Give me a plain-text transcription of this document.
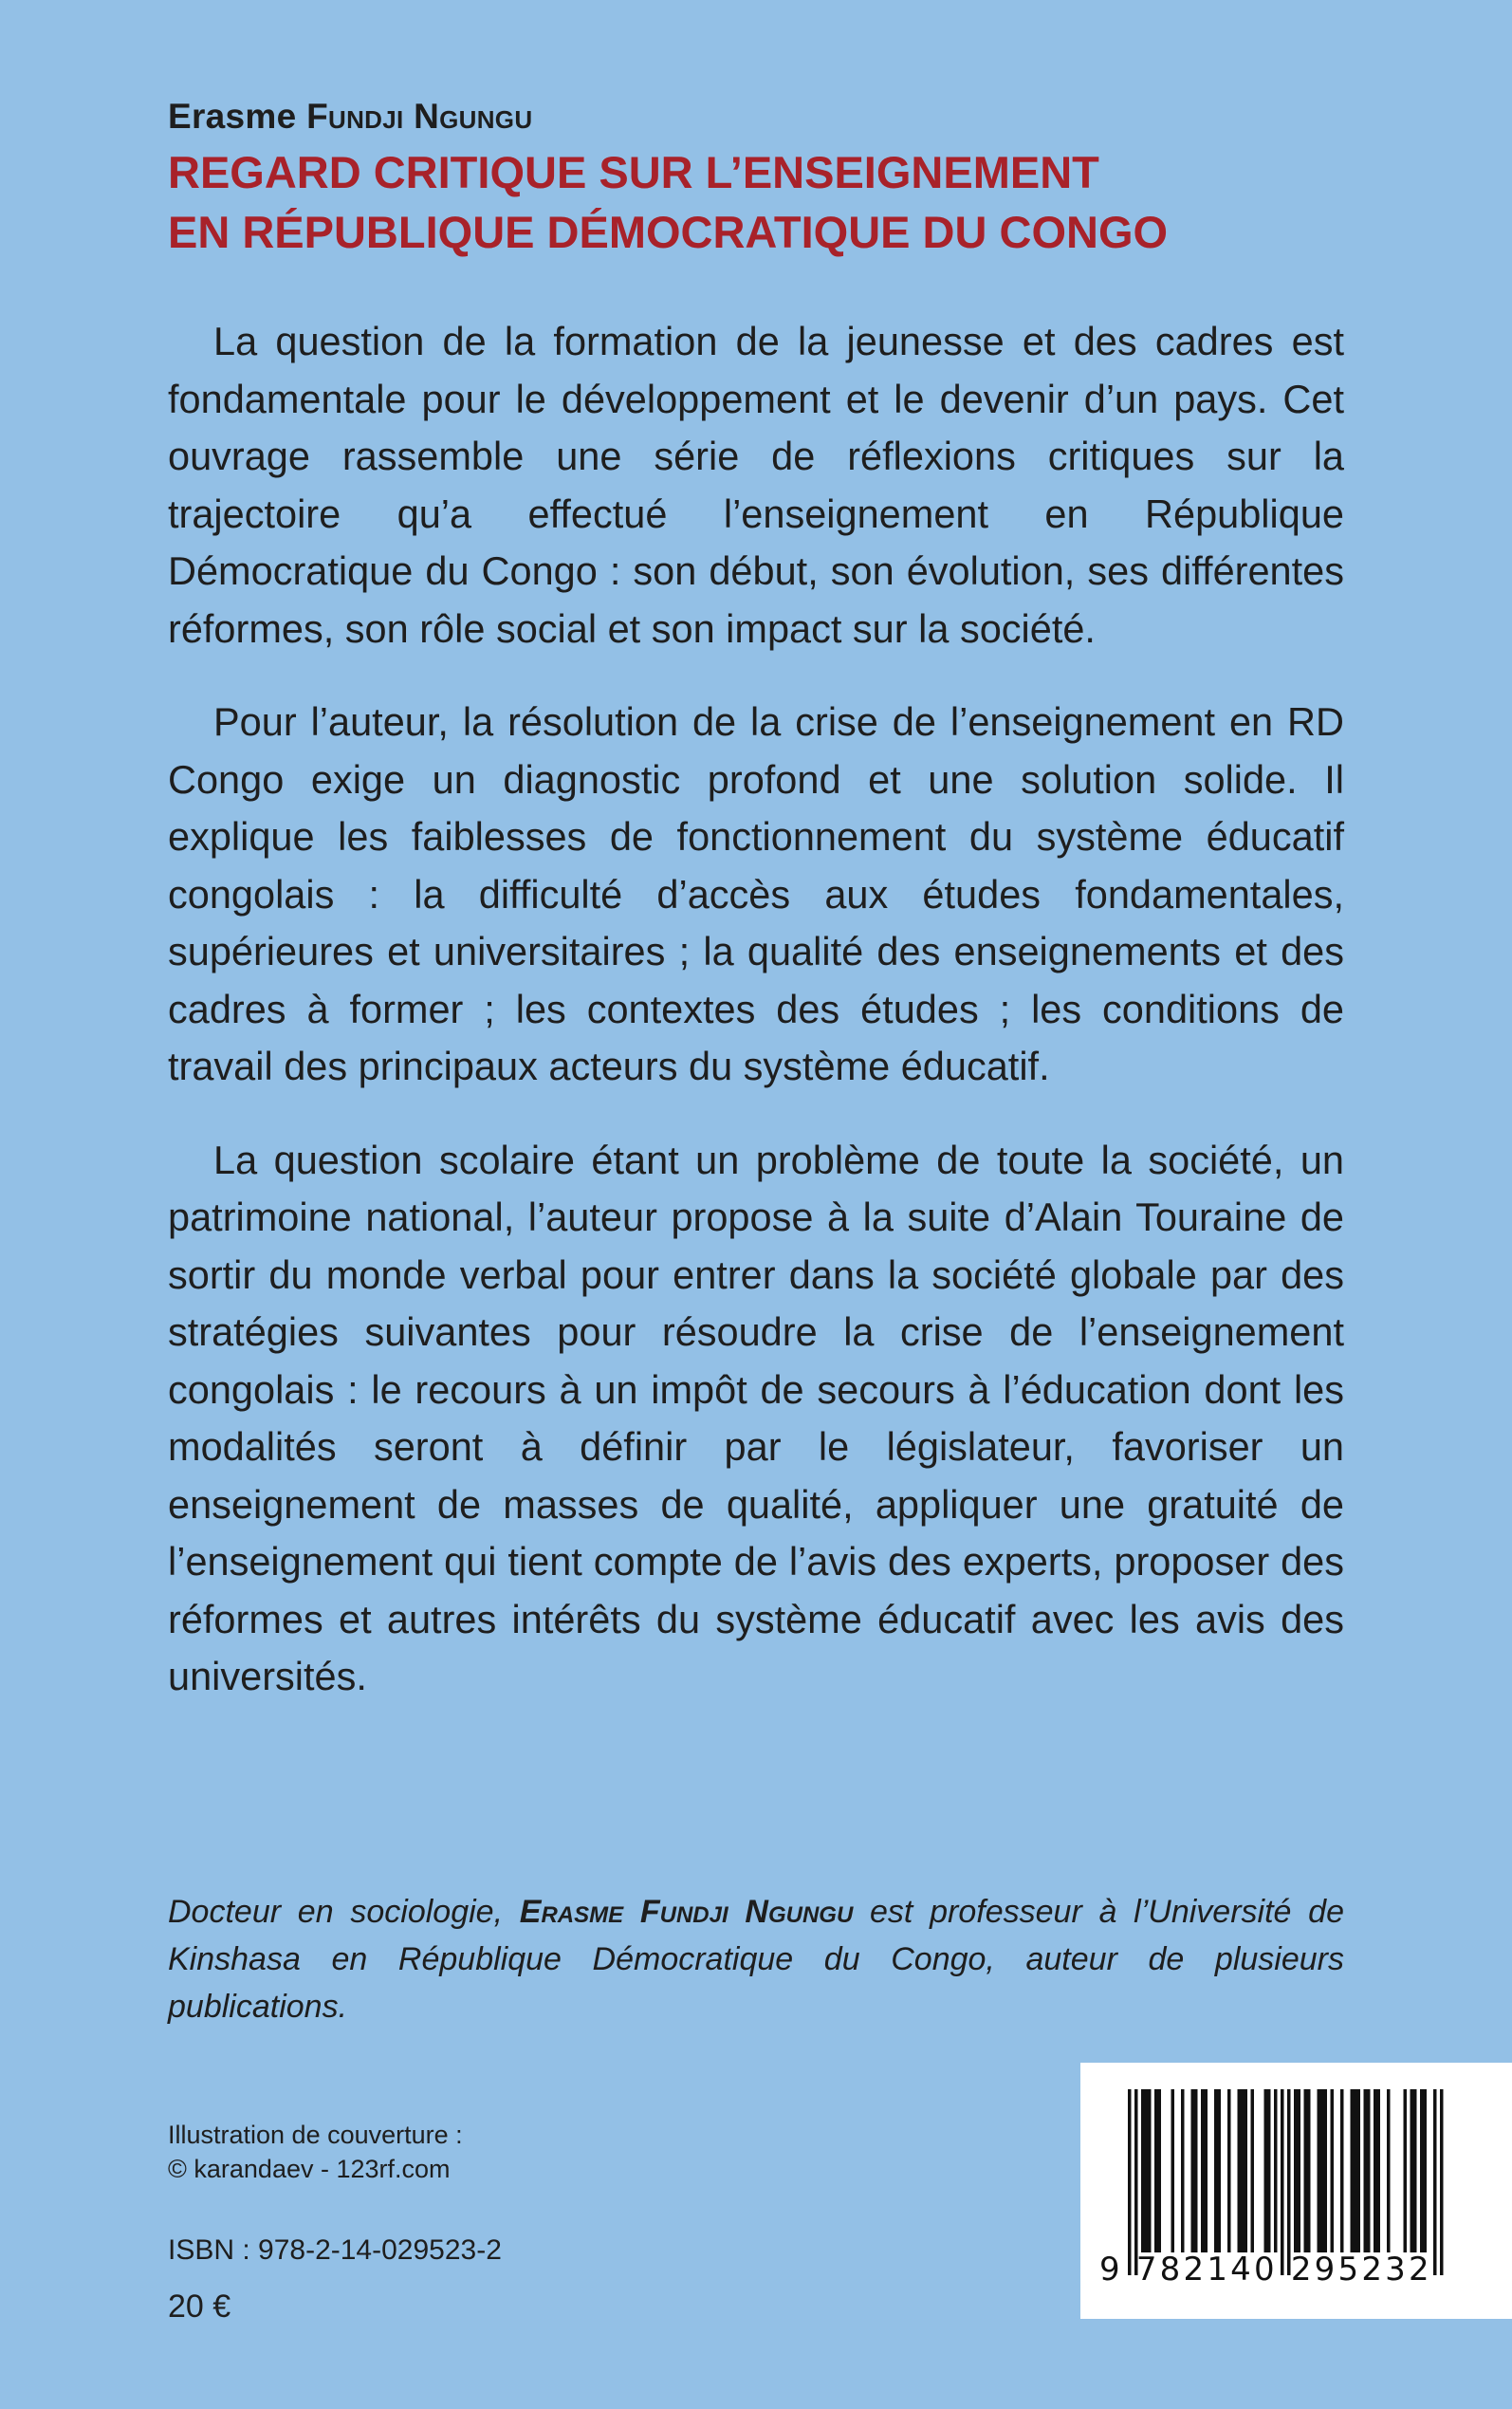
Erasme Fundji Ngungu
REGARD CRITIQUE SUR L’ENSEIGNEMENT
EN RÉPUBLIQUE DÉMOCRATIQUE DU CONGO

La question de la formation de la jeunesse et des cadres est fondamentale pour le développement et le devenir d’un pays. Cet ouvrage rassemble une série de réflexions critiques sur la trajectoire qu’a effectué l’enseignement en République Démocratique du Congo : son début, son évolution, ses différentes réformes, son rôle social et son impact sur la société.

Pour l’auteur, la résolution de la crise de l’enseignement en RD Congo exige un diagnostic profond et une solution solide. Il explique les faiblesses de fonctionnement du système éducatif congolais : la difficulté d’accès aux études fondamentales, supérieures et universitaires ; la qualité des enseignements et des cadres à former ; les contextes des études ; les conditions de travail des principaux acteurs du système éducatif.

La question scolaire étant un problème de toute la société, un patrimoine national, l’auteur propose à la suite d’Alain Touraine de sortir du monde verbal pour entrer dans la société globale par des stratégies suivantes pour résoudre la crise de l’enseignement congolais : le recours à un impôt de secours à l’éducation dont les modalités seront à définir par le législateur, favoriser un enseignement de masses de qualité, appliquer une gratuité de l’enseignement qui tient compte de l’avis des experts, proposer des réformes et autres intérêts du système éducatif avec les avis des universités.

Docteur en sociologie, Erasme Fundji Ngungu est professeur à l’Université de Kinshasa en République Démocratique du Congo, auteur de plusieurs publications.
Illustration de couverture :
© karandaev - 123rf.com
ISBN : 978-2-14-029523-2
20 €
9 782140 295232
